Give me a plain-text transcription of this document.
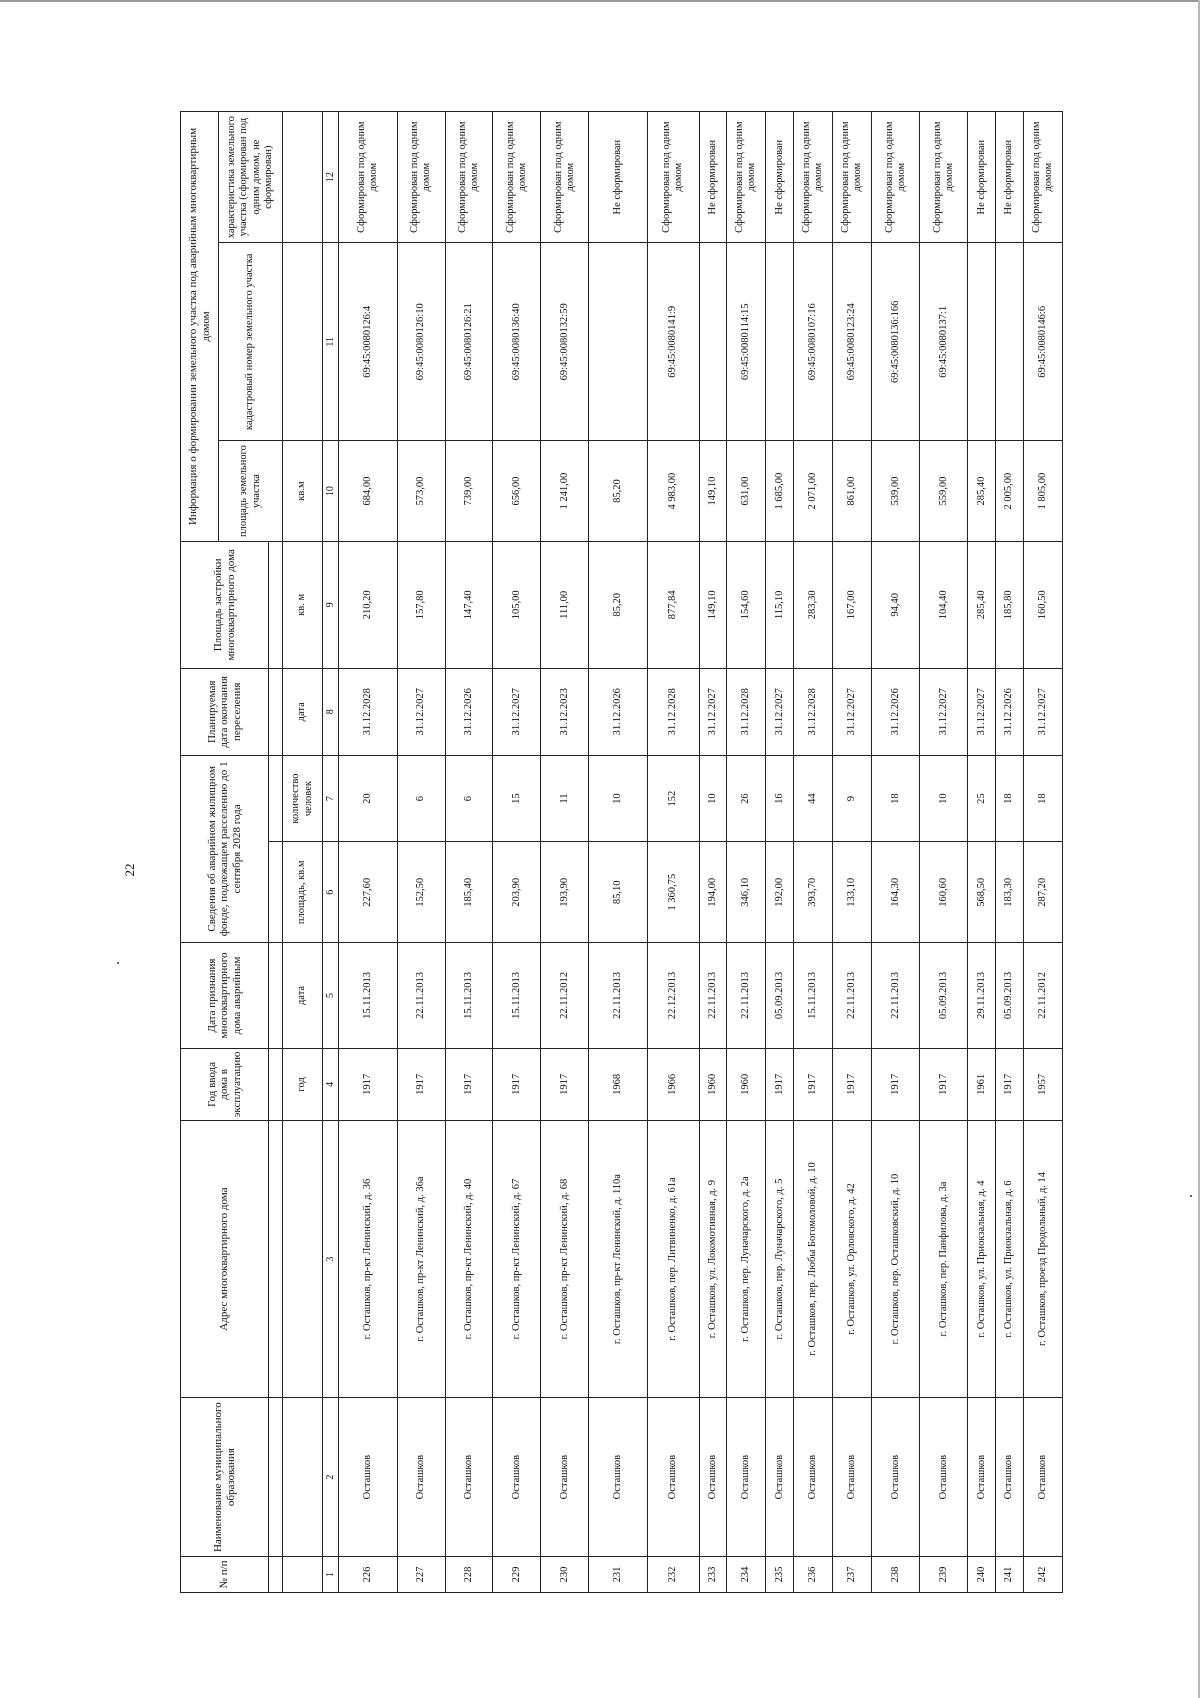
22
№ п/п	Наименование муниципального образования	Адрес многоквартирного дома	Год ввода дома в эксплуатацию	Дата признания многоквартирного дома аварийным	Сведения об аварийном жилищном фонде, подлежащем расселению до 1 сентября 2028 года		Планируемая дата окончания переселения	Площадь застройки многоквартирного дома	Информация о формировании земельного участка под аварийным многоквартирным домом		
									площадь земельного участка	кадастровый номер земельного участка	характеристика земельного участка (сформирован под одним домом, не сформирован)

			год	дата	площадь, кв.м	количество человек	дата	кв. м	кв.м		
1	2	3	4	5	6	7	8	9	10	11	12
226	Осташков	г. Осташков, пр-кт Ленинский, д. 36	1917	15.11.2013	227,60	20	31.12.2028	210,20	684,00	69:45:0080126:4	Сформирован под одним домом
227	Осташков	г. Осташков, пр-кт Ленинский, д. 36а	1917	22.11.2013	152,50	6	31.12.2027	157,80	573,00	69:45:0080126:10	Сформирован под одним домом
228	Осташков	г. Осташков, пр-кт Ленинский, д. 40	1917	15.11.2013	185,40	6	31.12.2026	147,40	739,00	69:45:0080126:21	Сформирован под одним домом
229	Осташков	г. Осташков, пр-кт Ленинский, д. 67	1917	15.11.2013	203,90	15	31.12.2027	105,00	656,00	69:45:0080136:40	Сформирован под одним домом
230	Осташков	г. Осташков, пр-кт Ленинский, д. 68	1917	22.11.2012	193,90	11	31.12.2023	111,00	1 241,00	69:45:0080132:59	Сформирован под одним домом
231	Осташков	г. Осташков, пр-кт Ленинский, д. 110а	1968	22.11.2013	85,10	10	31.12.2026	85,20	85,20		Не сформирован
232	Осташков	г. Осташков, пер. Литвиненко, д. 61а	1966	22.12.2013	1 360,75	152	31.12.2028	877,84	4 983,00	69:45:0080141:9	Сформирован под одним домом
233	Осташков	г. Осташков, ул. Локомотивная, д. 9	1960	22.11.2013	194,00	10	31.12.2027	149,10	149,10		Не сформирован
234	Осташков	г. Осташков, пер. Луначарского, д. 2а	1960	22.11.2013	346,10	26	31.12.2028	154,60	631,00	69:45:0080114:15	Сформирован под одним домом
235	Осташков	г. Осташков, пер. Луначарского, д. 5	1917	05.09.2013	192,00	16	31.12.2027	115,10	1 685,00		Не сформирован
236	Осташков	г. Осташков, пер. Любы Богомоловой, д. 10	1917	15.11.2013	393,70	44	31.12.2028	283,30	2 071,00	69:45:0080107:16	Сформирован под одним домом
237	Осташков	г. Осташков, ул. Орловского, д. 42	1917	22.11.2013	133,10	9	31.12.2027	167,00	861,00	69:45:0080123:24	Сформирован под одним домом
238	Осташков	г. Осташков, пер. Осташковский, д. 10	1917	22.11.2013	164,30	18	31.12.2026	94,40	539,00	69:45:0080136:166	Сформирован под одним домом
239	Осташков	г. Осташков, пер. Панфилова, д. 3а	1917	05.09.2013	160,60	10	31.12.2027	104,40	559,00	69:45:0080137:1	Сформирован под одним домом
240	Осташков	г. Осташков, ул. Приокзальная, д. 4	1961	29.11.2013	568,50	25	31.12.2027	285,40	285,40		Не сформирован
241	Осташков	г. Осташков, ул. Приокзальная, д. 6	1917	05.09.2013	183,30	18	31.12.2026	185,80	2 005,00		Не сформирован
242	Осташков	г. Осташков, проезд Продольный, д. 14	1957	22.11.2012	287,20	18	31.12.2027	160,50	1 805,00	69:45:0080146:6	Сформирован под одним домом
